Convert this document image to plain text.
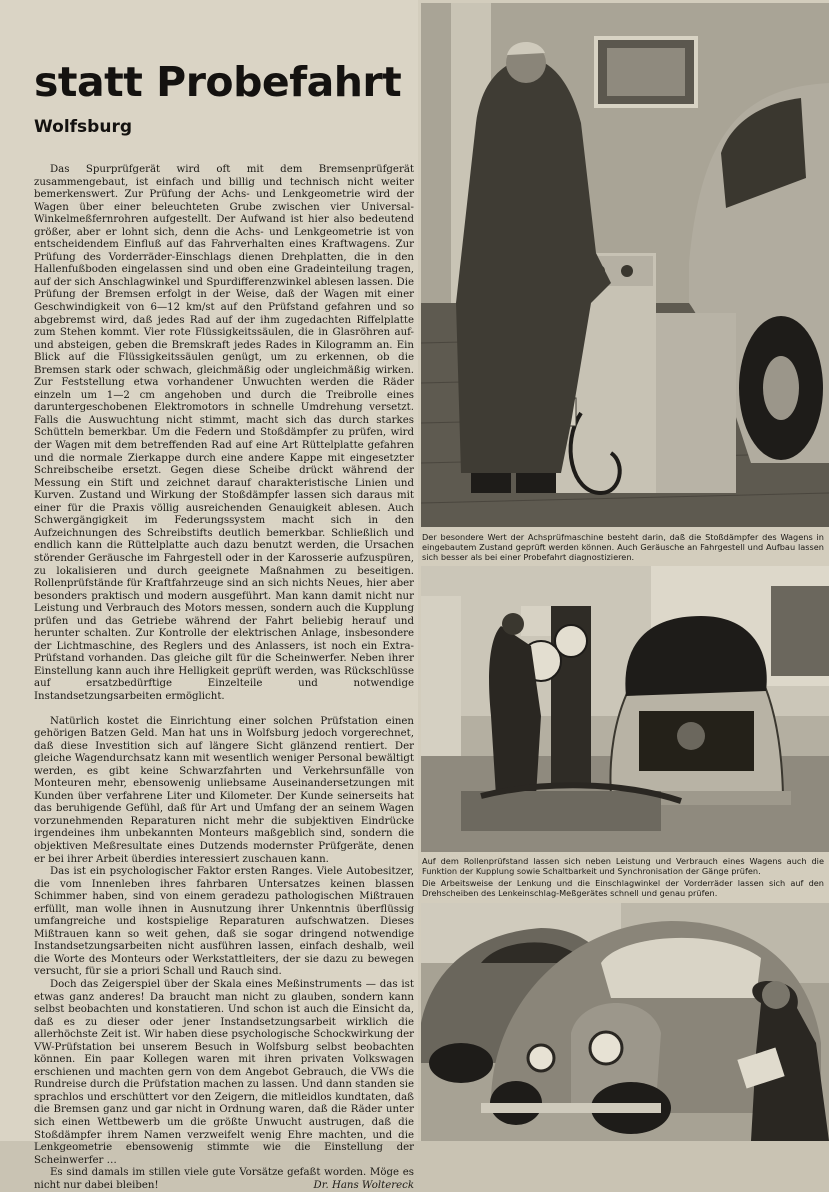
statt Probefahrt
Wolfsburg

Das Spurprüfgerät wird oft mit dem Bremsenprüfgerät zusammengebaut, ist einfach und billig und technisch nicht weiter bemerkenswert. Zur Prüfung der Achs- und Lenkgeometrie wird der Wagen über einer beleuchteten Grube zwischen vier Universal-Winkelmeßfernrohren aufgestellt. Der Aufwand ist hier also bedeutend größer, aber er lohnt sich, denn die Achs- und Lenkgeometrie ist von entscheidendem Einfluß auf das Fahrverhalten eines Kraftwagens. Zur Prüfung des Vorderräder-Einschlags dienen Drehplatten, die in den Hallenfußboden eingelassen sind und oben eine Gradeinteilung tragen, auf der sich Anschlagwinkel und Spurdifferenzwinkel ablesen lassen. Die Prüfung der Bremsen erfolgt in der Weise, daß der Wagen mit einer Geschwindigkeit von 6—12 km/st auf den Prüfstand gefahren und so abgebremst wird, daß jedes Rad auf der ihm zugedachten Riffelplatte zum Stehen kommt. Vier rote Flüssigkeitssäulen, die in Glasröhren auf- und absteigen, geben die Bremskraft jedes Rades in Kilogramm an. Ein Blick auf die Flüssigkeitssäulen genügt, um zu erkennen, ob die Bremsen stark oder schwach, gleichmäßig oder ungleichmäßig wirken. Zur Feststellung etwa vorhandener Unwuchten werden die Räder einzeln um 1—2 cm angehoben und durch die Treibrolle eines daruntergeschobenen Elektromotors in schnelle Umdrehung versetzt. Falls die Auswuchtung nicht stimmt, macht sich das durch starkes Schütteln bemerkbar. Um die Federn und Stoßdämpfer zu prüfen, wird der Wagen mit dem betreffenden Rad auf eine Art Rüttelplatte gefahren und die normale Zierkappe durch eine andere Kappe mit eingesetzter Schreibscheibe ersetzt. Gegen diese Scheibe drückt während der Messung ein Stift und zeichnet darauf charakteristische Linien und Kurven. Zustand und Wirkung der Stoßdämpfer lassen sich daraus mit einer für die Praxis völlig ausreichenden Genauigkeit ablesen. Auch Schwergängigkeit im Federungssystem macht sich in den Aufzeichnungen des Schreibstifts deutlich bemerkbar. Schließlich und endlich kann die Rüttelplatte auch dazu benutzt werden, die Ursachen störender Geräusche im Fahrgestell oder in der Karosserie aufzuspüren, zu lokalisieren und durch geeignete Maßnahmen zu beseitigen. Rollenprüfstände für Kraftfahrzeuge sind an sich nichts Neues, hier aber besonders praktisch und modern ausgeführt. Man kann damit nicht nur Leistung und Verbrauch des Motors messen, sondern auch die Kupplung prüfen und das Getriebe während der Fahrt beliebig herauf und herunter schalten. Zur Kontrolle der elektrischen Anlage, insbesondere der Lichtmaschine, des Reglers und des Anlassers, ist noch ein Extra-Prüfstand vorhanden. Das gleiche gilt für die Scheinwerfer. Neben ihrer Einstellung kann auch ihre Helligkeit geprüft werden, was Rückschlüsse auf ersatzbedürftige Einzelteile und notwendige Instandsetzungsarbeiten ermöglicht.

Natürlich kostet die Einrichtung einer solchen Prüfstation einen gehörigen Batzen Geld. Man hat uns in Wolfsburg jedoch vorgerechnet, daß diese Investition sich auf längere Sicht glänzend rentiert. Der gleiche Wagendurchsatz kann mit wesentlich weniger Personal bewältigt werden, es gibt keine Schwarzfahrten und Verkehrsunfälle von Monteuren mehr, ebensowenig unliebsame Auseinandersetzungen mit Kunden über verfahrene Liter und Kilometer. Der Kunde seinerseits hat das beruhigende Gefühl, daß für Art und Umfang der an seinem Wagen vorzunehmenden Reparaturen nicht mehr die subjektiven Eindrücke irgendeines ihm unbekannten Monteurs maßgeblich sind, sondern die objektiven Meßresultate eines Dutzends modernster Prüfgeräte, denen er bei ihrer Arbeit überdies interessiert zuschauen kann.

Das ist ein psychologischer Faktor ersten Ranges. Viele Autobesitzer, die vom Innenleben ihres fahrbaren Untersatzes keinen blassen Schimmer haben, sind von einem geradezu pathologischen Mißtrauen erfüllt, man wolle ihnen in Ausnutzung ihrer Unkenntnis überflüssig umfangreiche und kostspielige Reparaturen aufschwatzen. Dieses Mißtrauen kann so weit gehen, daß sie sogar dringend notwendige Instandsetzungsarbeiten nicht ausführen lassen, einfach deshalb, weil die Worte des Monteurs oder Werkstattleiters, der sie dazu zu bewegen versucht, für sie a priori Schall und Rauch sind.

Doch das Zeigerspiel über der Skala eines Meßinstruments — das ist etwas ganz anderes! Da braucht man nicht zu glauben, sondern kann selbst beobachten und konstatieren. Und schon ist auch die Einsicht da, daß es zu dieser oder jener Instandsetzungsarbeit wirklich die allerhöchste Zeit ist. Wir haben diese psychologische Schockwirkung der VW-Prüfstation bei unserem Besuch in Wolfsburg selbst beobachten können. Ein paar Kollegen waren mit ihren privaten Volkswagen erschienen und machten gern von dem Angebot Gebrauch, die VWs die Rundreise durch die Prüfstation machen zu lassen. Und dann standen sie sprachlos und erschüttert vor den Zeigern, die mitleidlos kundtaten, daß die Bremsen ganz und gar nicht in Ordnung waren, daß die Räder unter sich einen Wettbewerb um die größte Unwucht austrugen, daß die Stoßdämpfer ihrem Namen verzweifelt wenig Ehre machten, und die Lenkgeometrie ebensowenig stimmte wie die Einstellung der Scheinwerfer …

Es sind damals im stillen viele gute Vorsätze gefaßt worden. Möge es nicht nur dabei bleiben!	Dr. Hans Woltereck

Der besondere Wert der Achsprüfmaschine besteht darin, daß die Stoßdämpfer des Wagens in eingebautem Zustand geprüft werden können. Auch Geräusche an Fahrgestell und Aufbau lassen sich besser als bei einer Probefahrt diagnostizieren.

Auf dem Rollenprüfstand lassen sich neben Leistung und Verbrauch eines Wagens auch die Funktion der Kupplung sowie Schaltbarkeit und Synchronisation der Gänge prüfen.

Die Arbeitsweise der Lenkung und die Einschlagwinkel der Vorderräder lassen sich auf den Drehscheiben des Lenkeinschlag-Meßgerätes schnell und genau prüfen.
